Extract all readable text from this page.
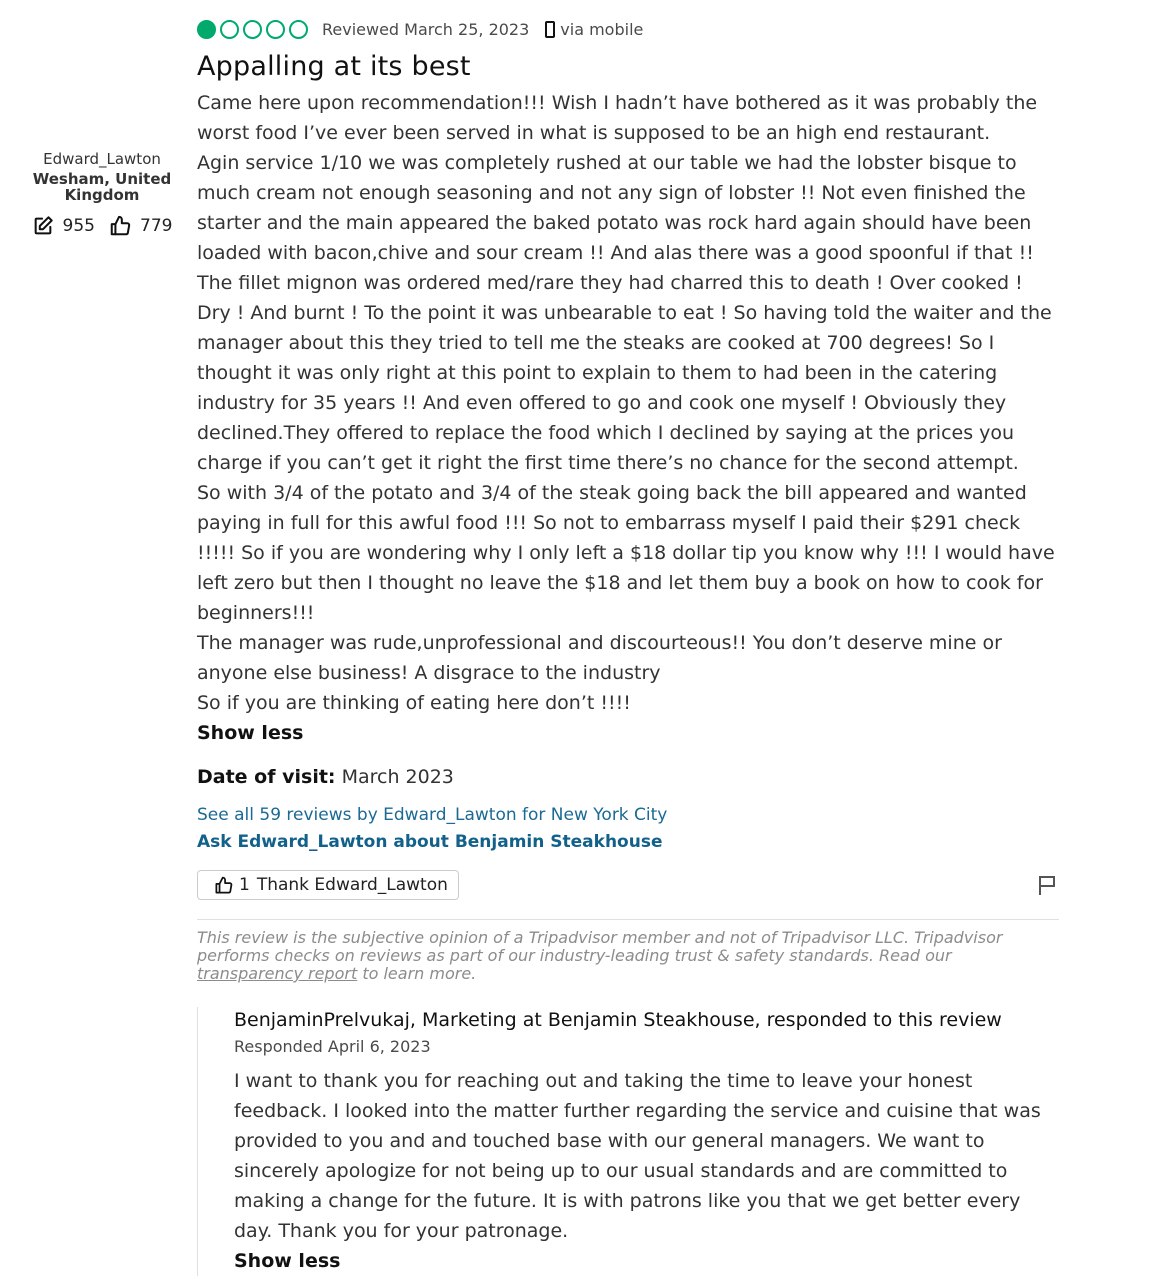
Edward_Lawton
Wesham, United Kingdom
955	779
Reviewed March 25, 2023 via mobile
Appalling at its best
Came here upon recommendation!!! Wish I hadn’t have bothered as it was probably the worst food I’ve ever been served in what is supposed to be an high end restaurant.
Agin service 1/10 we was completely rushed at our table we had the lobster bisque to much cream not enough seasoning and not any sign of lobster !! Not even finished the starter and the main appeared the baked potato was rock hard again should have been loaded with bacon,chive and sour cream !! And alas there was a good spoonful if that !! The fillet mignon was ordered med/rare they had charred this to death ! Over cooked ! Dry ! And burnt ! To the point it was unbearable to eat ! So having told the waiter and the manager about this they tried to tell me the steaks are cooked at 700 degrees! So I thought it was only right at this point to explain to them to had been in the catering industry for 35 years !! And even offered to go and cook one myself ! Obviously they declined.They offered to replace the food which I declined by saying at the prices you charge if you can’t get it right the first time there’s no chance for the second attempt.
So with 3/4 of the potato and 3/4 of the steak going back the bill appeared and wanted paying in full for this awful food !!! So not to embarrass myself I paid their $291 check !!!!! So if you are wondering why I only left a $18 dollar tip you know why !!! I would have left zero but then I thought no leave the $18 and let them buy a book on how to cook for beginners!!!
The manager was rude,unprofessional and discourteous!! You don’t deserve mine or anyone else business! A disgrace to the industry
So if you are thinking of eating here don’t !!!!
Show less
Date of visit: March 2023
See all 59 reviews by Edward_Lawton for New York City
Ask Edward_Lawton about Benjamin Steakhouse
1 Thank Edward_Lawton
This review is the subjective opinion of a Tripadvisor member and not of Tripadvisor LLC. Tripadvisor performs checks on reviews as part of our industry-leading trust & safety standards. Read our transparency report to learn more.
BenjaminPrelvukaj, Marketing at Benjamin Steakhouse, responded to this review
Responded April 6, 2023
I want to thank you for reaching out and taking the time to leave your honest feedback. I looked into the matter further regarding the service and cuisine that was provided to you and and touched base with our general managers. We want to sincerely apologize for not being up to our usual standards and are committed to making a change for the future. It is with patrons like you that we get better every day. Thank you for your patronage.
Show less
